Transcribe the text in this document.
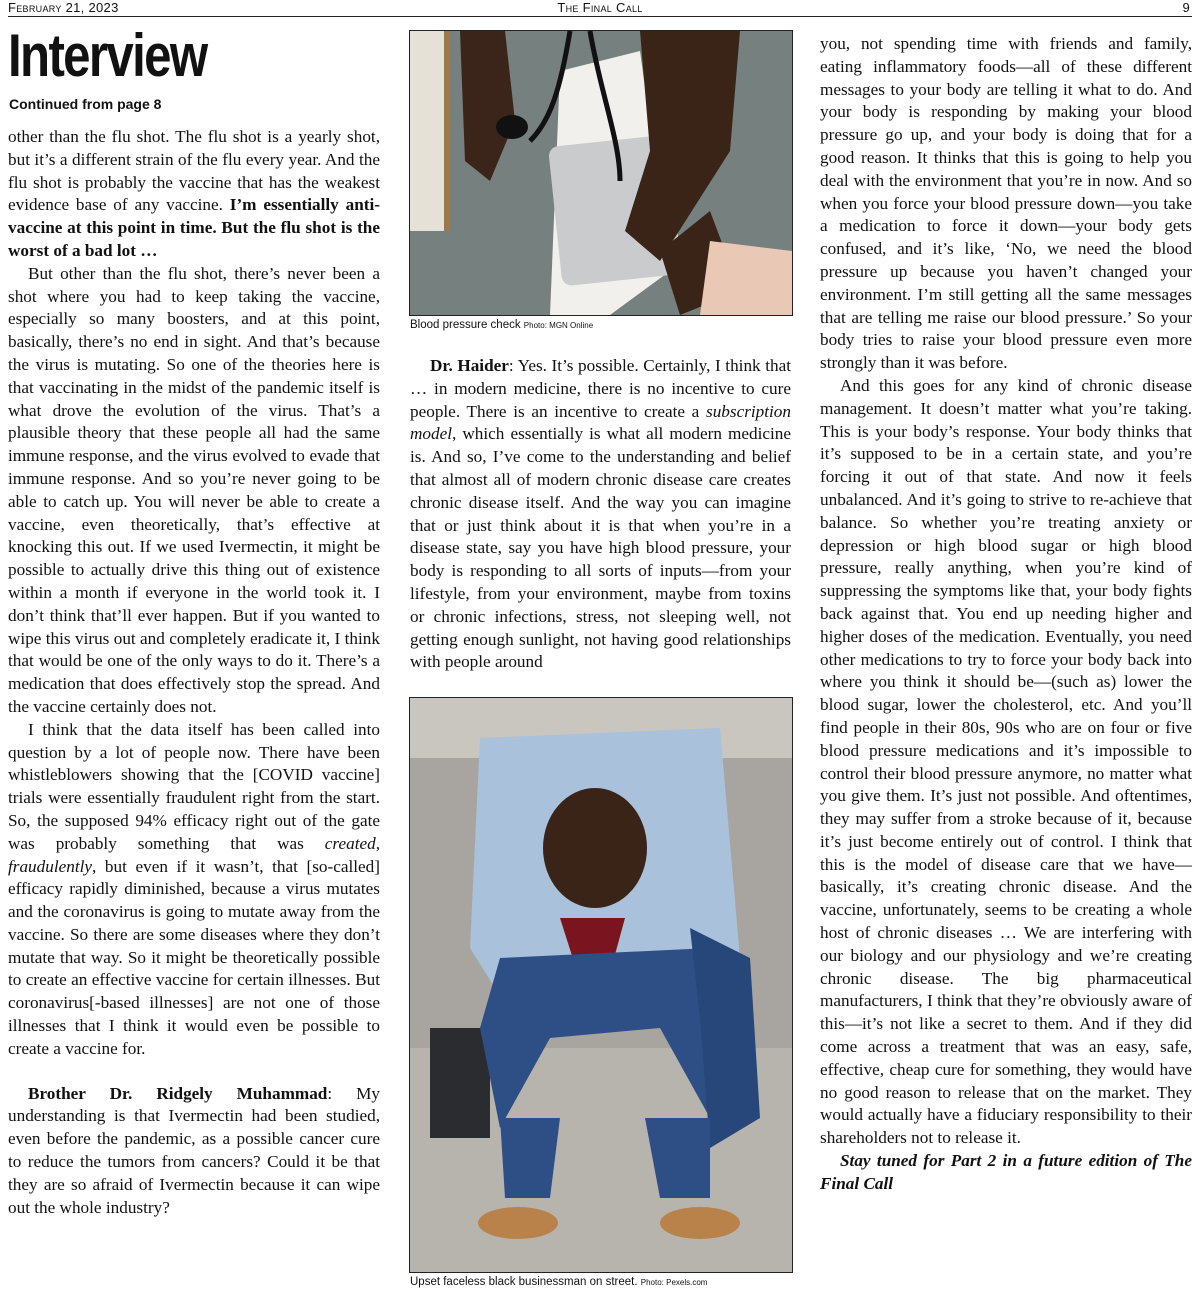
February 21, 2023	The Final Call	9
Interview
Continued from page 8

other than the flu shot. The flu shot is a yearly shot, but it’s a different strain of the flu every year. And the flu shot is probably the vaccine that has the weakest evidence base of any vaccine. I’m essentially anti-vaccine at this point in time. But the flu shot is the worst of a bad lot …

But other than the flu shot, there’s never been a shot where you had to keep taking the vaccine, especially so many boosters, and at this point, basically, there’s no end in sight. And that’s because the virus is mutating. So one of the theories here is that vaccinating in the midst of the pandemic itself is what drove the evolution of the virus. That’s a plausible theory that these people all had the same immune response, and the virus evolved to evade that immune response. And so you’re never going to be able to catch up. You will never be able to create a vaccine, even theoretically, that’s effective at knocking this out. If we used Ivermectin, it might be possible to actually drive this thing out of existence within a month if everyone in the world took it. I don’t think that’ll ever happen. But if you wanted to wipe this virus out and completely eradicate it, I think that would be one of the only ways to do it. There’s a medication that does effectively stop the spread. And the vaccine certainly does not.

I think that the data itself has been called into question by a lot of people now. There have been whistleblowers showing that the [COVID vaccine] trials were essentially fraudulent right from the start. So, the supposed 94% efficacy right out of the gate was probably something that was created, fraudulently, but even if it wasn’t, that [so-called] efficacy rapidly diminished, because a virus mutates and the coronavirus is going to mutate away from the vaccine. So there are some diseases where they don’t mutate that way. So it might be theoretically possible to create an effective vaccine for certain illnesses. But coronavirus[-based illnesses] are not one of those illnesses that I think it would even be possible to create a vaccine for.

Brother Dr. Ridgely Muhammad: My understanding is that Ivermectin had been studied, even before the pandemic, as a possible cancer cure to reduce the tumors from cancers? Could it be that they are so afraid of Ivermectin because it can wipe out the whole industry?

Blood pressure check Photo: MGN Online

Dr. Haider: Yes. It’s possible. Certainly, I think that … in modern medicine, there is no incentive to cure people. There is an incentive to create a subscription model, which essentially is what all modern medicine is. And so, I’ve come to the understanding and belief that almost all of modern chronic disease care creates chronic disease itself. And the way you can imagine that or just think about it is that when you’re in a disease state, say you have high blood pressure, your body is responding to all sorts of inputs—from your lifestyle, from your environment, maybe from toxins or chronic infections, stress, not sleeping well, not getting enough sunlight, not having good relationships with people around

Upset faceless black businessman on street. Photo: Pexels.com

you, not spending time with friends and family, eating inflammatory foods—all of these different messages to your body are telling it what to do. And your body is responding by making your blood pressure go up, and your body is doing that for a good reason. It thinks that this is going to help you deal with the environment that you’re in now. And so when you force your blood pressure down—you take a medication to force it down—your body gets confused, and it’s like, ‘No, we need the blood pressure up because you haven’t changed your environment. I’m still getting all the same messages that are telling me raise our blood pressure.’ So your body tries to raise your blood pressure even more strongly than it was before.

And this goes for any kind of chronic disease management. It doesn’t matter what you’re taking. This is your body’s response. Your body thinks that it’s supposed to be in a certain state, and you’re forcing it out of that state. And now it feels unbalanced. And it’s going to strive to re-achieve that balance. So whether you’re treating anxiety or depression or high blood sugar or high blood pressure, really anything, when you’re kind of suppressing the symptoms like that, your body fights back against that. You end up needing higher and higher doses of the medication. Eventually, you need other medications to try to force your body back into where you think it should be—(such as) lower the blood sugar, lower the cholesterol, etc. And you’ll find people in their 80s, 90s who are on four or five blood pressure medications and it’s impossible to control their blood pressure anymore, no matter what you give them. It’s just not possible. And oftentimes, they may suffer from a stroke because of it, because it’s just become entirely out of control. I think that this is the model of disease care that we have—basically, it’s creating chronic disease. And the vaccine, unfortunately, seems to be creating a whole host of chronic diseases … We are interfering with our biology and our physiology and we’re creating chronic disease. The big pharmaceutical manufacturers, I think that they’re obviously aware of this—it’s not like a secret to them. And if they did come across a treatment that was an easy, safe, effective, cheap cure for something, they would have no good reason to release that on the market. They would actually have a fiduciary responsibility to their shareholders not to release it.

Stay tuned for Part 2 in a future edition of The Final Call
